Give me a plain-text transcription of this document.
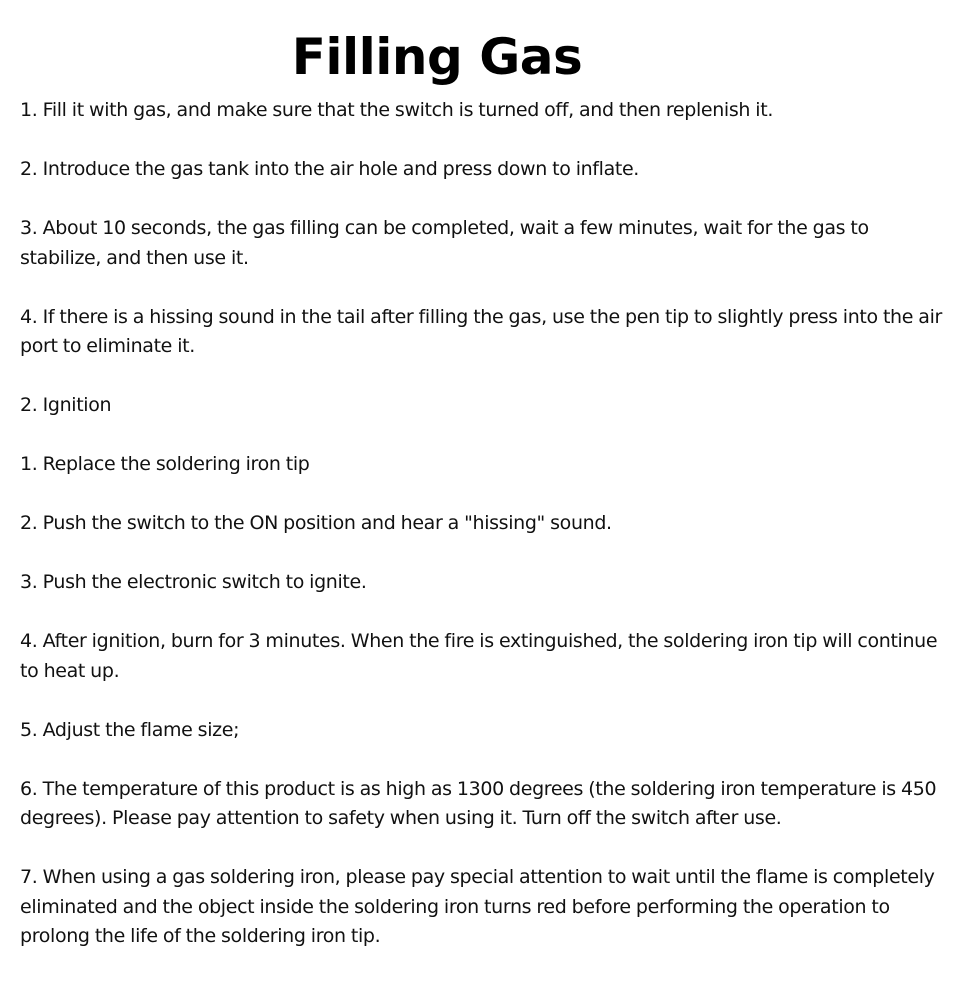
Filling Gas

1. Fill it with gas, and make sure that the switch is turned off, and then replenish it.

2. Introduce the gas tank into the air hole and press down to inflate.

3. About 10 seconds, the gas filling can be completed, wait a few minutes, wait for the gas to stabilize, and then use it.

4. If there is a hissing sound in the tail after filling the gas, use the pen tip to slightly press into the air port to eliminate it.

2. Ignition

1. Replace the soldering iron tip

2. Push the switch to the ON position and hear a "hissing" sound.

3. Push the electronic switch to ignite.

4. After ignition, burn for 3 minutes. When the fire is extinguished, the soldering iron tip will continue to heat up.

5. Adjust the flame size;

6. The temperature of this product is as high as 1300 degrees (the soldering iron temperature is 450 degrees). Please pay attention to safety when using it. Turn off the switch after use.

7. When using a gas soldering iron, please pay special attention to wait until the flame is completely eliminated and the object inside the soldering iron turns red before performing the operation to prolong the life of the soldering iron tip.
